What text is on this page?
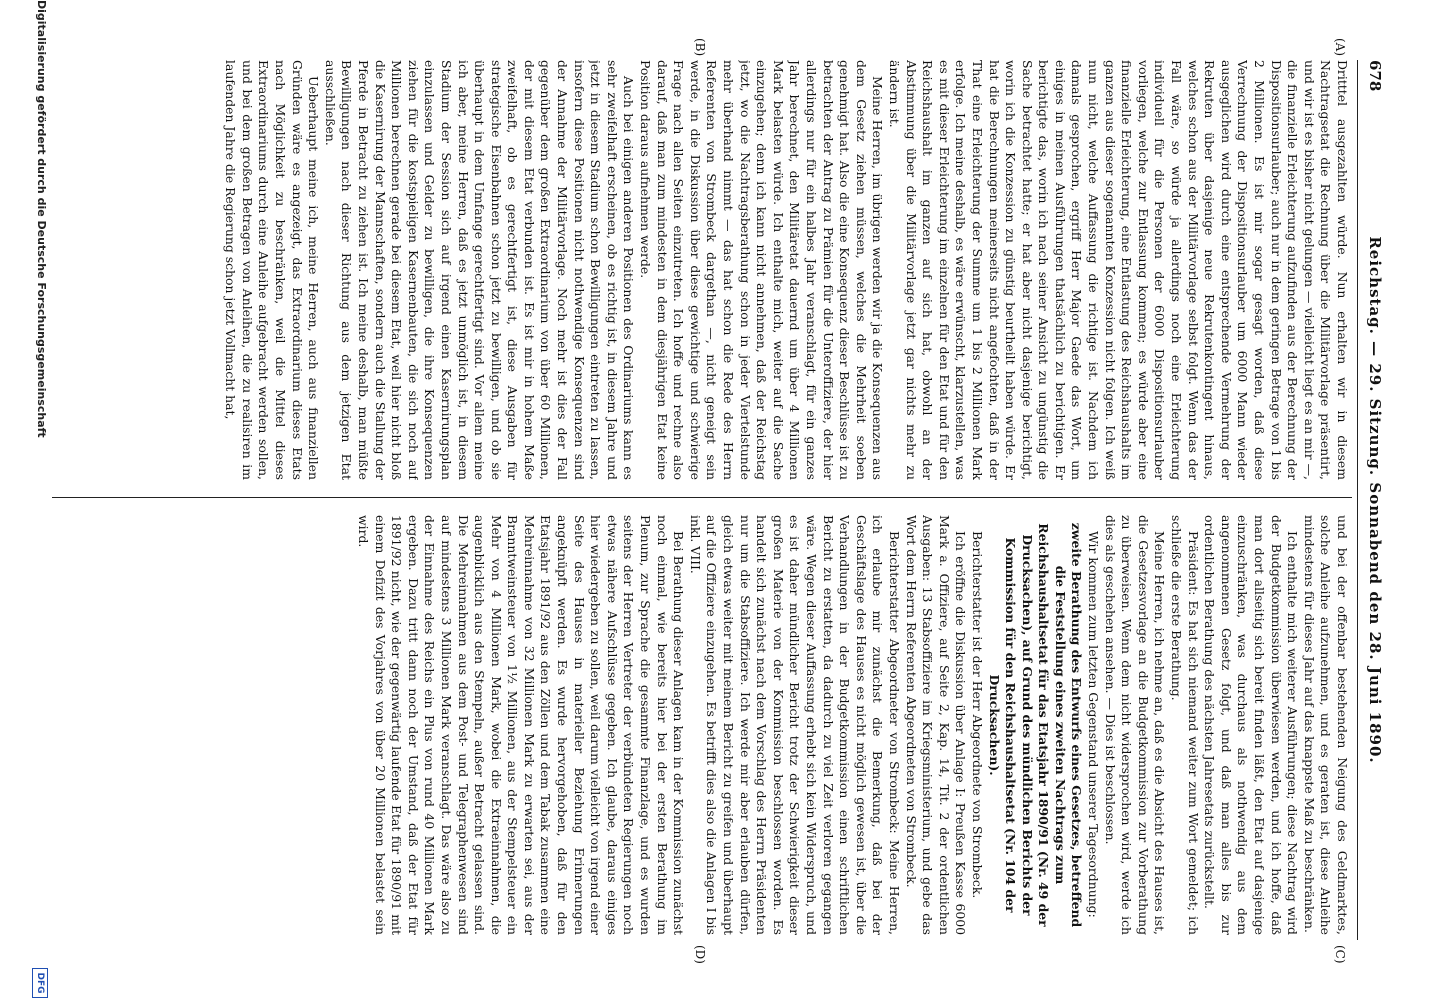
678
Reichstag. — 29. Sitzung. Sonnabend den 28. Juni 1890.
(A)
(B)
(C)
(D)

Dritttel ausgezahlten würde. Nun erhalten wir in diesem Nachtragsetat die Rechnung über die Militärvorlage präsentirt, und wir ist es bisher nicht gelungen — vielleicht liegt es an mir —, die finanzielle Erleichterung aufzufinden aus der Berechnung der Dispositionsurlauber; auch nur in dem geringen Betrage von 1 bis 2 Millionen. Es ist mir sogar gesagt worden, daß diese Verrechnung der Dispositionsurlauber um 6000 Mann wieder ausgeglichen wird durch eine entsprechende Vermehrung der Rekruten über dasjenige neue Rekrutenkontingent hinaus, welches schon aus der Militärvorlage selbst folgt. Wenn das der Fall wäre, so würde ja allerdings noch eine Erleichterung individuell für die Personen der 6000 Dispositionsurlauber vorliegen, welche zur Entlassung kommen; es würde aber eine finanzielle Erleichterung, eine Entlastung des Reichshaushalts im ganzen aus dieser sogenannten Konzession nicht folgen. Ich weiß nun nicht, welche Auffassung die richtige ist. Nachdem ich damals gesprochen, ergriff Herr Major Gaede das Wort, um einiges in meinen Ausführungen thatsächlich zu berichtigen. Er berichtigte das, worin ich nach seiner Ansicht zu ungünstig die Sache betrachtet hatte; er hat aber nicht dasjenige berichtigt, worin ich die Konzession zu günstig beurtheilt haben würde. Er hat die Berechnungen meinerseits nicht angefochten, daß in der That eine Erleichterung der Summe um 1 bis 2 Millionen Mark erfolge. Ich meine deshalb, es wäre erwünscht, klarzustellen, was es mit dieser Erleichterung im einzelnen für den Etat und für den Reichshaushalt im ganzen auf sich hat, obwohl an der Abstimmung über die Militärvorlage jetzt gar nichts mehr zu ändern ist.

Meine Herren, im übrigen werden wir ja die Konsequenzen aus dem Gesetz ziehen müssen, welches die Mehrheit soeben genehmigt hat. Also die eine Konsequenz dieser Beschlüsse ist zu betrachten der Antrag zu Prämien für die Unteroffiziere, der hier allerdings nur für ein halbes Jahr veranschlagt, für ein ganzes Jahr berechnet, den Militäretat dauernd um über 4 Millionen Mark belasten würde. Ich enthalte mich, weiter auf die Sache einzugehen; denn ich kann nicht annehmen, daß der Reichstag jetzt, wo die Nachtragsberathung schon in jeder Viertelstunde mehr überhand nimmt — das hat schon die Rede des Herrn Referenten von Strombeck dargethan —, nicht geneigt sein werde, in die Diskussion über diese gewichtige und schwierige Frage nach allen Seiten einzutreten. Ich hoffe und rechne also darauf, daß man zum mindesten in dem diesjährigen Etat keine Position daraus aufnehmen werde.

Auch bei einigen anderen Positionen des Ordinariums kann es sehr zweifelhaft erscheinen, ob es richtig ist, in diesem Jahre und jetzt in diesem Stadium schon Bewilligungen eintreten zu lassen, insofern diese Positionen nicht nothwendige Konsequenzen sind der Annahme der Militärvorlage. Noch mehr ist dies der Fall gegenüber dem großen Extraordinarium von über 60 Millionen, der mit diesem Etat verbunden ist. Es ist mir in hohem Maße zweifelhaft, ob es gerechtfertigt ist, diese Ausgaben für strategische Eisenbahnen schon jetzt zu bewilligen, und ob sie überhaupt in dem Umfange gerechtfertigt sind. Vor allem meine ich aber, meine Herren, daß es jetzt unmöglich ist, in diesem Stadium der Session sich auf irgend einen Kasernirungsplan einzulassen und Gelder zu bewilligen, die ihre Konsequenzen ziehen für die kostspieligen Kasernenbauten, die sich noch auf Millionen berechnen gerade bei diesem Etat, weil hier nicht bloß die Kasernirung der Mannschaften, sondern auch die Stallung der Pferde in Betracht zu ziehen ist. Ich meine deshalb, man müßte Bewilligungen nach dieser Richtung aus dem jetzigen Etat ausschließen.

Ueberhaupt meine ich, meine Herren, auch aus finanziellen Gründen wäre es angezeigt, das Extraordinarium dieses Etats nach Möglichkeit zu beschränken, weil die Mittel dieses Extraordinariums durch eine Anleihe aufgebracht werden sollen, und bei dem großen Betragen von Anleihen, die zu realisiren im laufenden Jahre die Regierung schon jetzt Vollmacht hat,

und bei der offenbar bestehenden Neigung des Geldmarktes, solche Anleihe aufzunehmen, und es geraten ist, diese Anleihe mindestens für dieses Jahr auf das knappste Maß zu beschränken.

Ich enthalte mich weiterer Ausführungen; diese Nachtrag wird der Budgetkommission überwiesen werden, und ich hoffe, daß man dort allseitig sich bereit finden läßt, den Etat auf dasjenige einzuschränken, was durchaus als nothwendig aus dem angenommenen Gesetz folgt, und daß man alles bis zur ordentlichen Berathung des nächsten Jahresetats zurückstellt.

Präsident: Es hat sich niemand weiter zum Wort gemeldet; ich schließe die erste Berathung.

Meine Herren, ich nehme an, daß es die Absicht des Hauses ist, die Gesetzesvorlage an die Budgetkommission zur Vorberathung zu überweisen. Wenn dem nicht widersprochen wird, werde ich dies als geschehen ansehen. — Dies ist beschlossen.

Wir kommen zum letzten Gegenstand unserer Tagesordnung:

zweite Berathung des Entwurfs eines Gesetzes, betreffend die Feststellung eines zweiten Nachtrags zum Reichshaushaltsetat für das Etatsjahr 1890/91 (Nr. 49 der Drucksachen), auf Grund des mündlichen Berichts der Kommission für den Reichshaushaltsetat (Nr. 104 der Drucksachen).

Berichterstatter ist der Herr Abgeordnete von Strombeck.

Ich eröffne die Diskussion über Anlage I: Preußen Kasse 6000 Mark a. Offiziere, auf Seite 2, Kap. 14, Tit. 2 der ordentlichen Ausgaben: 13 Stabsoffiziere im Kriegsministerium, und gebe das Wort dem Herrn Referenten Abgeordneten von Strombeck.

Berichterstatter Abgeordneter von Strombeck: Meine Herren, ich erlaube mir zunächst die Bemerkung, daß bei der Geschäftslage des Hauses es nicht möglich gewesen ist, über die Verhandlungen in der Budgetkommission einen schriftlichen Bericht zu erstatten, da dadurch zu viel Zeit verloren gegangen wäre. Wegen dieser Auffassung erhebt sich kein Widerspruch, und es ist daher mündlicher Bericht trotz der Schwierigkeit dieser großen Materie von der Kommission beschlossen worden. Es handelt sich zunächst nach dem Vorschlag des Herrn Präsidenten nur um die Stabsoffiziere. Ich werde mir aber erlauben dürfen, gleich etwas weiter mit meinem Bericht zu greifen und überhaupt auf die Offiziere einzugehen. Es betrifft dies also die Anlagen I bis inkl. VIII.

Bei Berathung dieser Anlagen kam in der Kommission zunächst noch einmal, wie bereits hier bei der ersten Berathung im Plenum, zur Sprache die gesammte Finanzlage, und es wurden seitens der Herren Vertreter der verbündeten Regierungen noch etwas nähere Aufschlüsse gegeben. Ich glaube, daraus einiges hier wiedergeben zu sollen, weil darum vielleicht von irgend einer Seite des Hauses in materieller Beziehung Erinnerungen angeknüpft werden. Es wurde hervorgehoben, daß für den Etatsjahr 1891/92 aus den Zöllen und dem Tabak zusammen eine Mehreinnahme von 32 Millionen Mark zu erwarten sei, aus der Branntweinsteuer von 1½ Millionen, aus der Stempelsteuer ein Mehr von 4 Millionen Mark, wobei die Extraeinnahmen, die augenblicklich aus den Stempeln, außer Betracht gelassen sind. Die Mehreinnahmen aus dem Post- und Telegraphenwesen sind auf mindestens 3 Millionen Mark veranschlagt. Das wäre also zu der Einnahme des Reichs ein Plus von rund 40 Millionen Mark ergeben. Dazu tritt dann noch der Umstand, daß der Etat für 1891/92 nicht, wie der gegenwärtig laufende Etat für 1890/91 mit einem Defizit des Vorjahres von über 20 Millionen belastet sein wird.

Digitalisierung gefördert durch die Deutsche Forschungsgemeinschaft
DFG
